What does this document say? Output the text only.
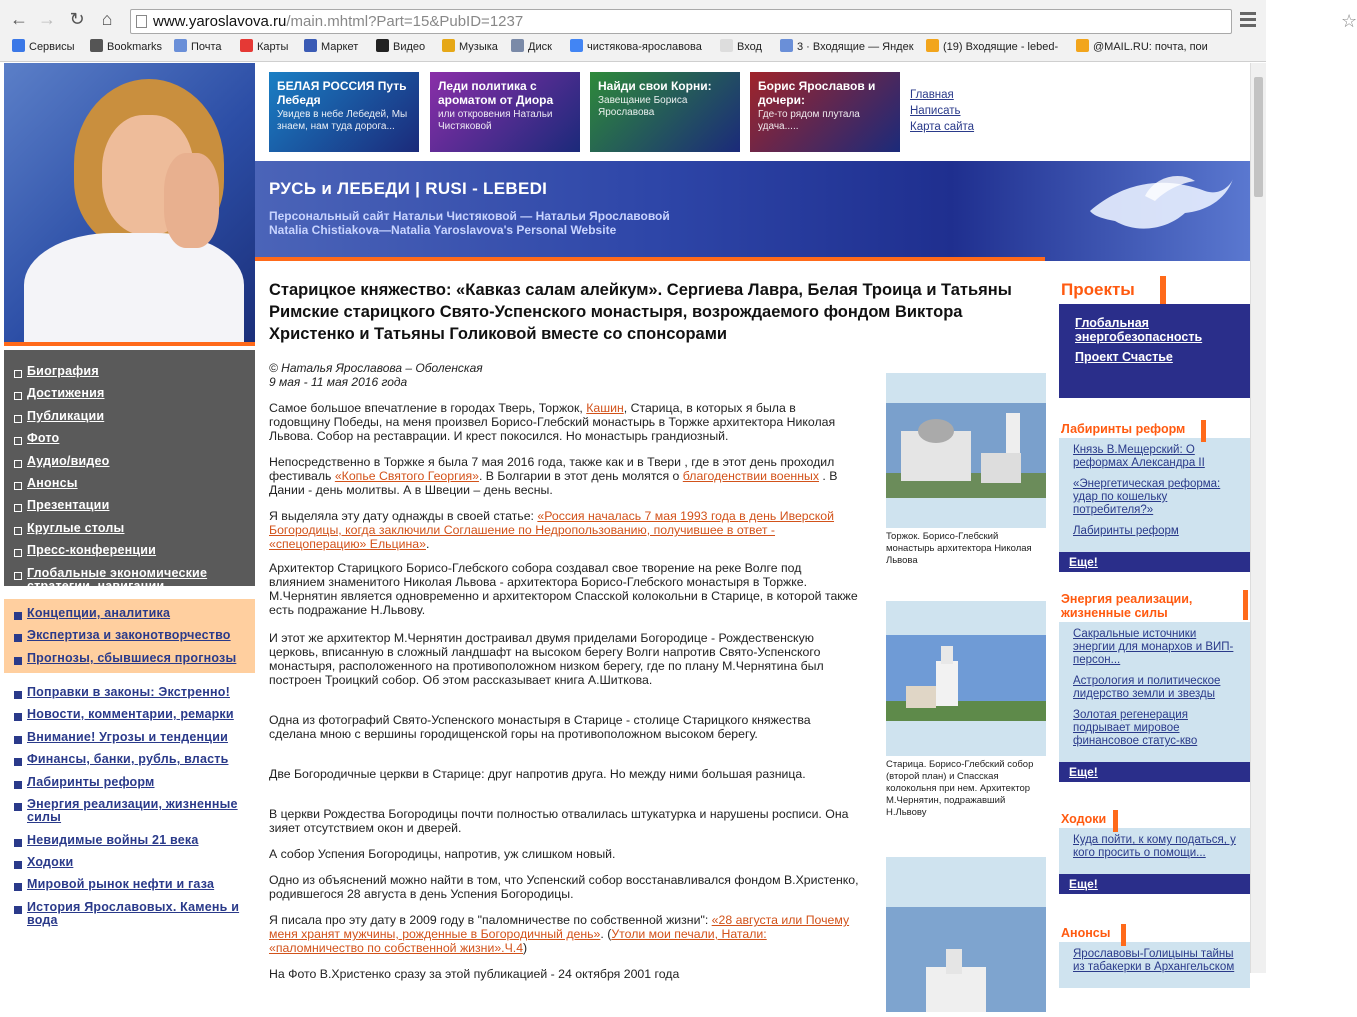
← → ↻ ⌂	www.yaroslavova.ru/main.mhtml?Part=15&PubID=1237	☆
Сервисы	Bookmarks	Почта	Карты	Маркет	Видео	Музыка	Диск	чистякова-ярославова	Вход	3 · Входящие — Яндек	(19) Входящие - lebed-	@MAIL.RU: почта, пои
Биография
Достижения
Публикации
Фото
Аудио/видео
Анонсы
Презентации
Круглые столы
Пресс-конференции
Глобальные экономические стратегии, навигации
Концепции, аналитика
Экспертиза и законотворчество
Прогнозы, сбывшиеся прогнозы
Поправки в законы: Экстренно!
Новости, комментарии, ремарки
Внимание! Угрозы и тенденции
Финансы, банки, рубль, власть
Лабиринты реформ
Энергия реализации, жизненные силы
Невидимые войны 21 века
Ходоки
Мировой рынок нефти и газа
История Ярославовых. Камень и вода
БЕЛАЯ РОССИЯ Путь Лебедя
Увидев в небе Лебедей, Мы знаем, нам туда дорога...
Леди политика с ароматом от Диора
или откровения Натальи Чистяковой
Найди свои Корни:
Завещание Бориса Ярославова
Борис Ярославов и дочери:
Где-то рядом плутала удача.....
Главная
Написать
Карта сайта
РУСЬ и ЛЕБЕДИ | RUSI - LEBEDI
Персональный сайт Натальи Чистяковой — Натальи Ярославовой
Natalia Chistiakova—Natalia Yaroslavova's Personal Website
Старицкое княжество: «Кавказ салам алейкум». Сергиева Лавра, Белая Троица и Татьяны Римские старицкого Свято-Успенского монастыря, возрождаемого фондом Виктора Христенко и Татьяны Голиковой вместе со спонсорами
© Наталья Ярославова – Оболенская
9 мая - 11 мая 2016 года
Самое большое впечатление в городах Тверь, Торжок, Кашин, Старица, в которых я была в годовщину Победы, на меня произвел Борисо-Глебский монастырь в Торжке архитектора Николая Львова. Собор на реставрации. И крест покосился. Но монастырь грандиозный.
Непосредственно в Торжке я была 7 мая 2016 года, также как и в Твери , где в этот день проходил фестиваль «Копье Святого Георгия». В Болгарии в этот день молятся о благоденствии военных . В Дании - день молитвы. А в Швеции – день весны.
Я выделяла эту дату однажды в своей статье: «Россия началась 7 мая 1993 года в день Иверской Богородицы, когда заключили Соглашение по Недропользованию, получившее в ответ - «спецоперацию» Ельцина».
Архитектор Старицкого Борисо-Глебского собора создавал свое творение на реке Волге под влиянием знаменитого Николая Львова - архитектора Борисо-Глебского монастыря в Торжке. М.Чернятин является одновременно и архитектором Спасской колокольни в Старице, в которой также есть подражание Н.Львову.
И этот же архитектор М.Чернятин достраивал двумя приделами Богородице - Рождественскую церковь, вписанную в сложный ландшафт на высоком берегу Волги напротив Свято-Успенского монастыря, расположенного на противоположном низком берегу, где по плану М.Чернятина был построен Троицкий собор. Об этом рассказывает книга А.Шиткова.
Одна из фотографий Свято-Успенского монастыря в Старице - столице Старицкого княжества сделана мною с вершины городищенской горы на противоположном высоком берегу.
Две Богородичные церкви в Старице: друг напротив друга. Но между ними большая разница.
В церкви Рождества Богородицы почти полностью отвалилась штукатурка и нарушены росписи. Она зияет отсутствием окон и дверей.
А собор Успения Богородицы, напротив, уж слишком новый.
Одно из объяснений можно найти в том, что Успенский собор восстанавливался фондом В.Христенко, родившегося 28 августа в день Успения Богородицы.
Я писала про эту дату в 2009 году в "паломничестве по собственной жизни": «28 августа или Почему меня хранят мужчины, рожденные в Богородичный день». (Утоли мои печали, Натали: «паломничество по собственной жизни».Ч.4)
На Фото В.Христенко сразу за этой публикацией - 24 октября 2001 года
Торжок. Борисо-Глебский монастырь архитектора Николая Львова
Старица. Борисо-Глебский собор (второй план) и Спасская колокольня при нем. Архитектор М.Чернятин, подражавший Н.Львову
Проекты
Глобальная энергобезопасность
Проект Счастье
Лабиринты реформ
Князь В.Мещерский: О реформах Александра II
«Энергетическая реформа: удар по кошельку потребителя?»
Лабиринты реформ
Еще!
Энергия реализации, жизненные силы
Сакральные источники энергии для монархов и ВИП-персон...
Астрология и политическое лидерство земли и звезды
Золотая регенерация подрывает мировое финансовое статус-кво
Еще!
Ходоки
Куда пойти, к кому податься, у кого просить о помощи...
Еще!
Анонсы
Ярославовы-Голицыны тайны из табакерки в Архангельском
